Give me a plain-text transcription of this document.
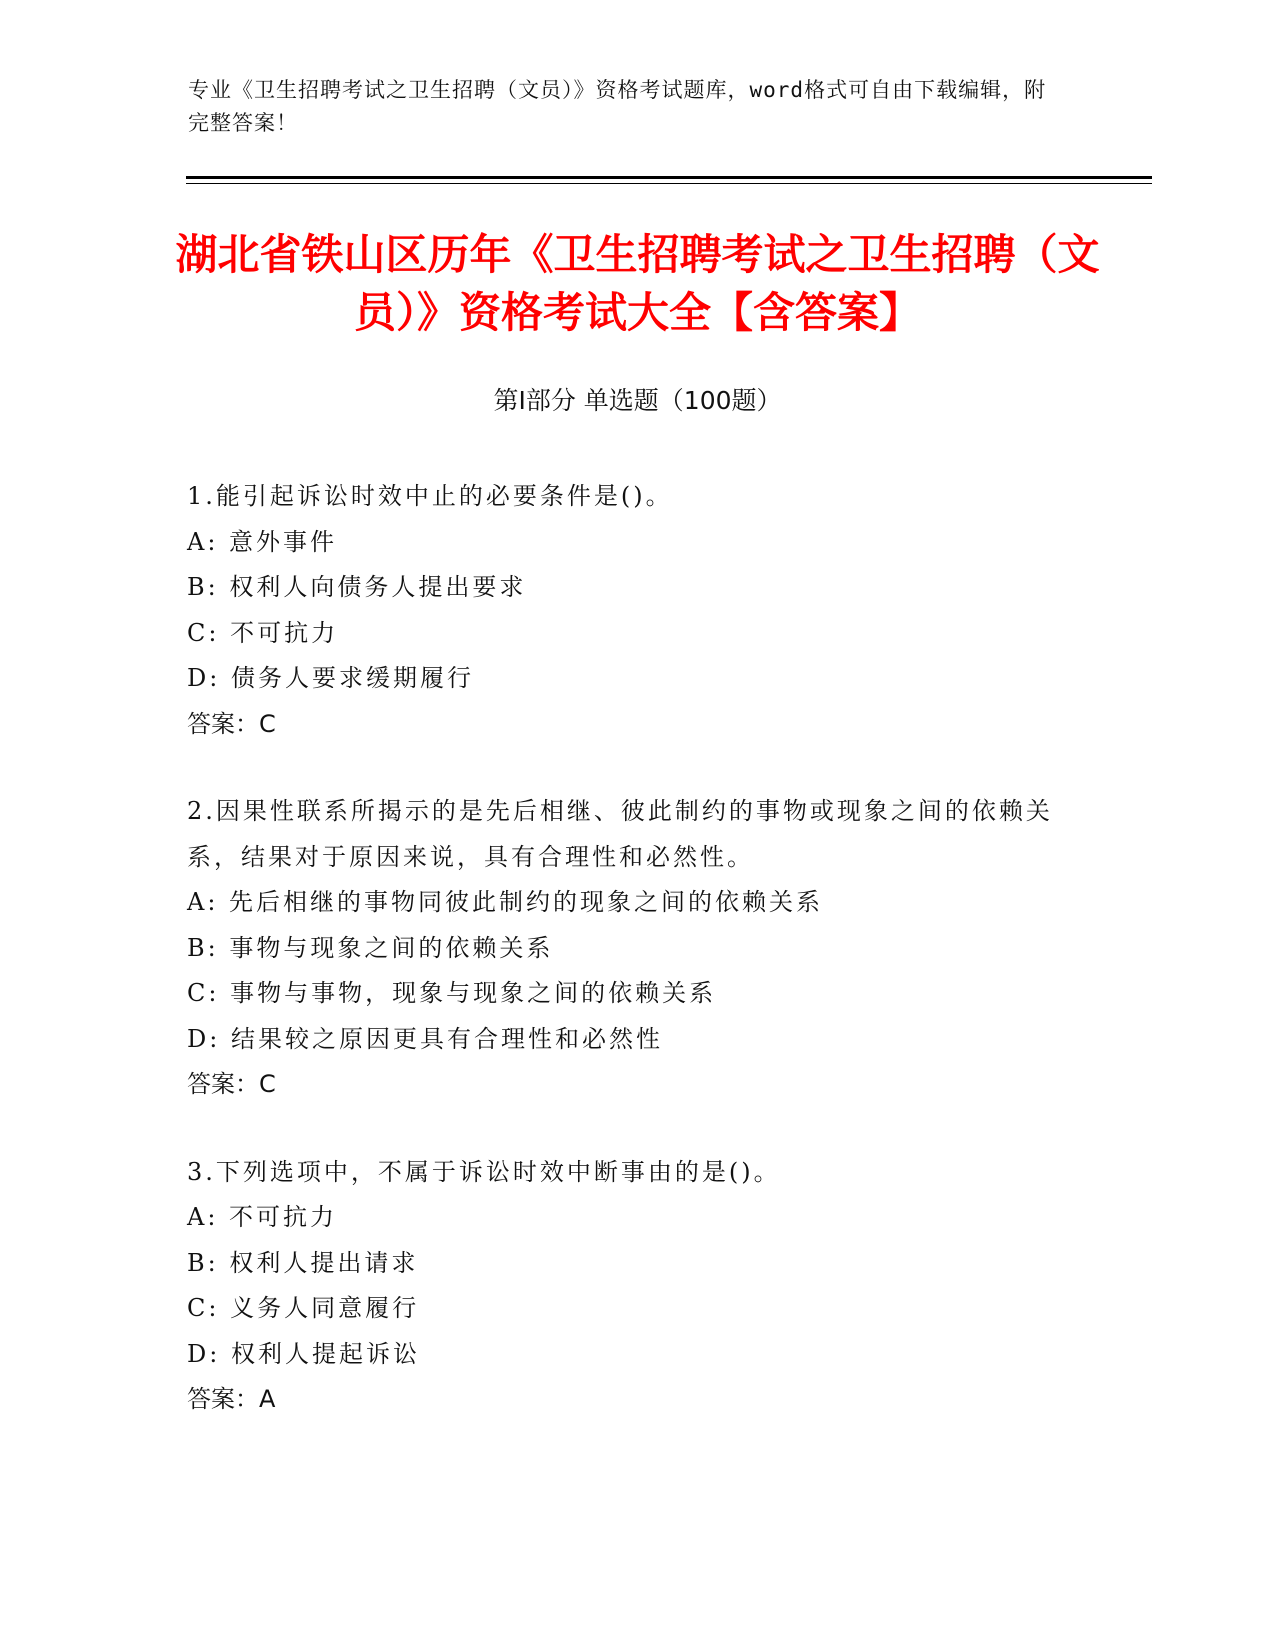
专业《卫生招聘考试之卫生招聘（文员）》资格考试题库，word格式可自由下载编辑，附完整答案！
湖北省铁山区历年《卫生招聘考试之卫生招聘（文员）》资格考试大全【含答案】
第Ⅰ部分 单选题（100题）
1.能引起诉讼时效中止的必要条件是()。
A: 意外事件
B: 权利人向债务人提出要求
C: 不可抗力
D: 债务人要求缓期履行
答案：C
2.因果性联系所揭示的是先后相继、彼此制约的事物或现象之间的依赖关系，结果对于原因来说，具有合理性和必然性。
A: 先后相继的事物同彼此制约的现象之间的依赖关系
B: 事物与现象之间的依赖关系
C: 事物与事物，现象与现象之间的依赖关系
D: 结果较之原因更具有合理性和必然性
答案：C
3.下列选项中，不属于诉讼时效中断事由的是()。
A: 不可抗力
B: 权利人提出请求
C: 义务人同意履行
D: 权利人提起诉讼
答案：A
